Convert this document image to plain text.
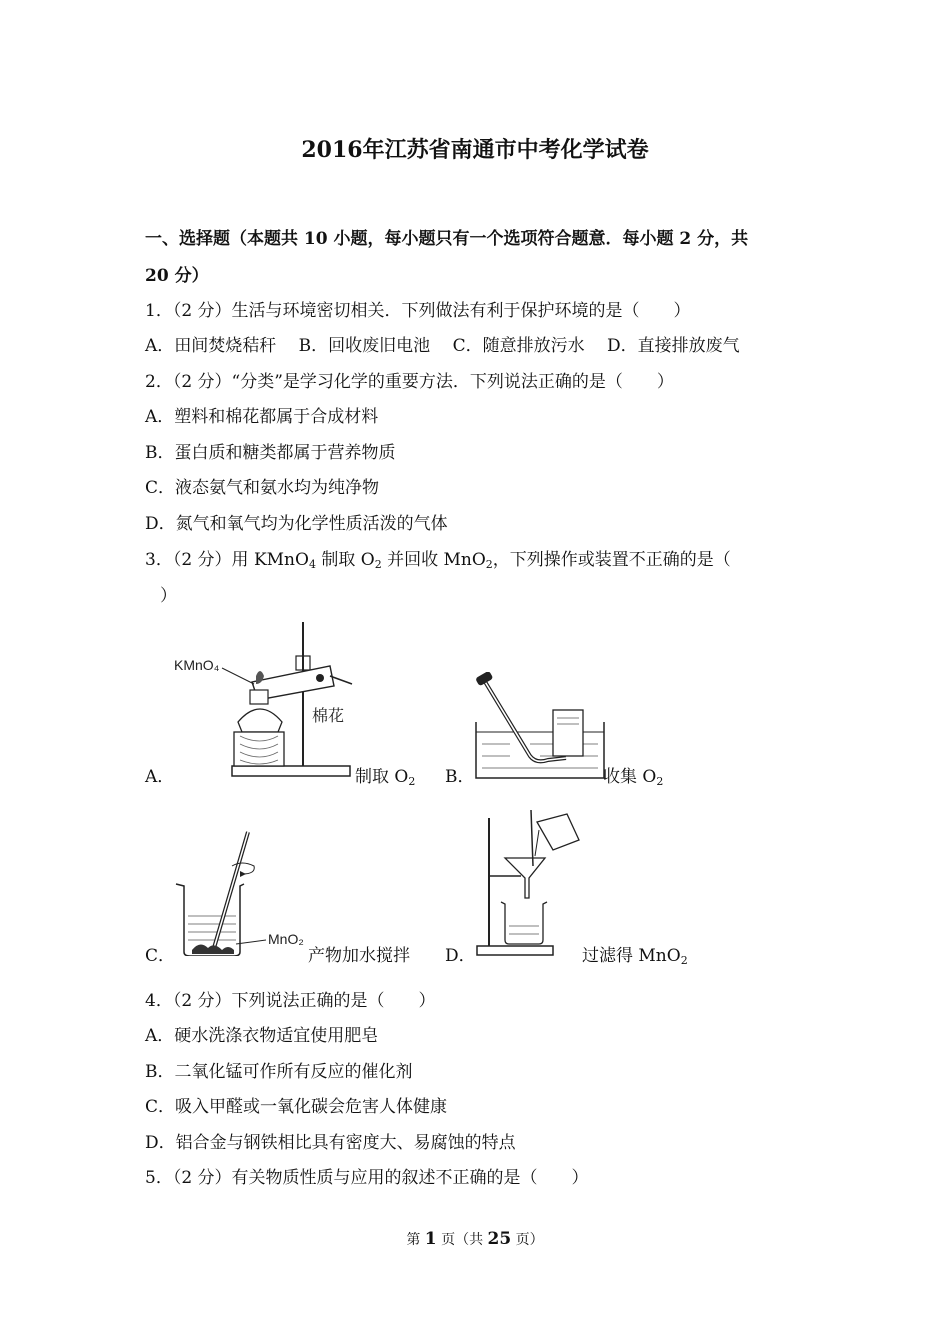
2016年江苏省南通市中考化学试卷
一、选择题（本题共 10 小题，每小题只有一个选项符合题意．每小题 2 分，共
20 分）
1．（2 分）生活与环境密切相关．下列做法有利于保护环境的是（　　）
A．田间焚烧秸秆　 B．回收废旧电池　 C．随意排放污水　 D．直接排放废气
2．（2 分）“分类”是学习化学的重要方法．下列说法正确的是（　　）
A．塑料和棉花都属于合成材料
B．蛋白质和糖类都属于营养物质
C．液态氨气和氨水均为纯净物
D．氮气和氧气均为化学性质活泼的气体
3．（2 分）用 KMnO$_4$ 制取 $O_2$ 并回收 MnO$_2$，下列操作或装置不正确的是（
）
KMnO₄
棉花
A．	制取 $O_2$ B．	收集 $O_2$
MnO₂
C．	产物加水搅拌 D．	过滤得 MnO$_2$
4．（2 分）下列说法正确的是（　　）
A．硬水洗涤衣物适宜使用肥皂
B．二氧化锰可作所有反应的催化剂
C．吸入甲醛或一氧化碳会危害人体健康
D．铝合金与钢铁相比具有密度大、易腐蚀的特点
5．（2 分）有关物质性质与应用的叙述不正确的是（　　）
第 1 页（共 25 页）
